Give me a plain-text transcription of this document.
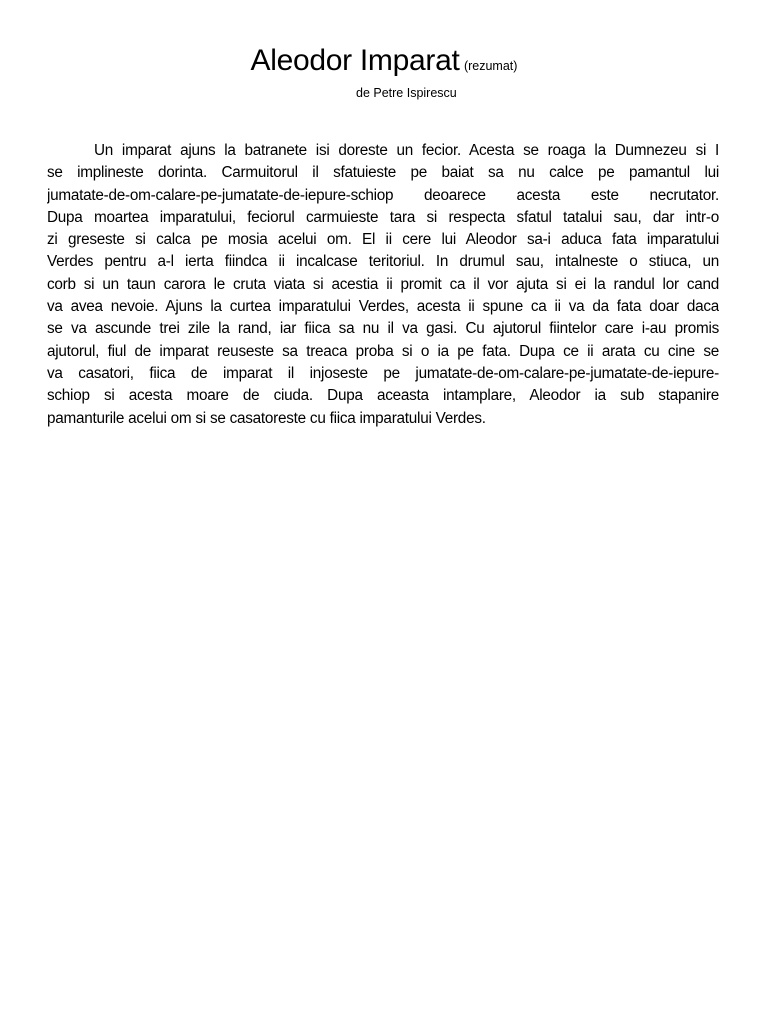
Aleodor Imparat (rezumat)
de Petre Ispirescu
Un imparat ajuns la batranete isi doreste un fecior. Acesta se roaga la Dumnezeu si I
se implineste dorinta. Carmuitorul il sfatuieste pe baiat sa nu calce pe pamantul lui
jumatate-de-om-calare-pe-jumatate-de-iepure-schiop deoarece acesta este necrutator.
Dupa moartea imparatului, feciorul carmuieste tara si respecta sfatul tatalui sau, dar intr-o
zi greseste si calca pe mosia acelui om. El ii cere lui Aleodor sa-i aduca fata imparatului
Verdes pentru a-l ierta fiindca ii incalcase teritoriul. In drumul sau, intalneste o stiuca, un
corb si un taun carora le cruta viata si acestia ii promit ca il vor ajuta si ei la randul lor cand
va avea nevoie. Ajuns la curtea imparatului Verdes, acesta ii spune ca ii va da fata doar daca
se va ascunde trei zile la rand, iar fiica sa nu il va gasi. Cu ajutorul fiintelor care i-au promis
ajutorul, fiul de imparat reuseste sa treaca proba si o ia pe fata. Dupa ce ii arata cu cine se
va casatori, fiica de imparat il injoseste pe jumatate-de-om-calare-pe-jumatate-de-iepure-
schiop si acesta moare de ciuda. Dupa aceasta intamplare, Aleodor ia sub stapanire
pamanturile acelui om si se casatoreste cu fiica imparatului Verdes.
